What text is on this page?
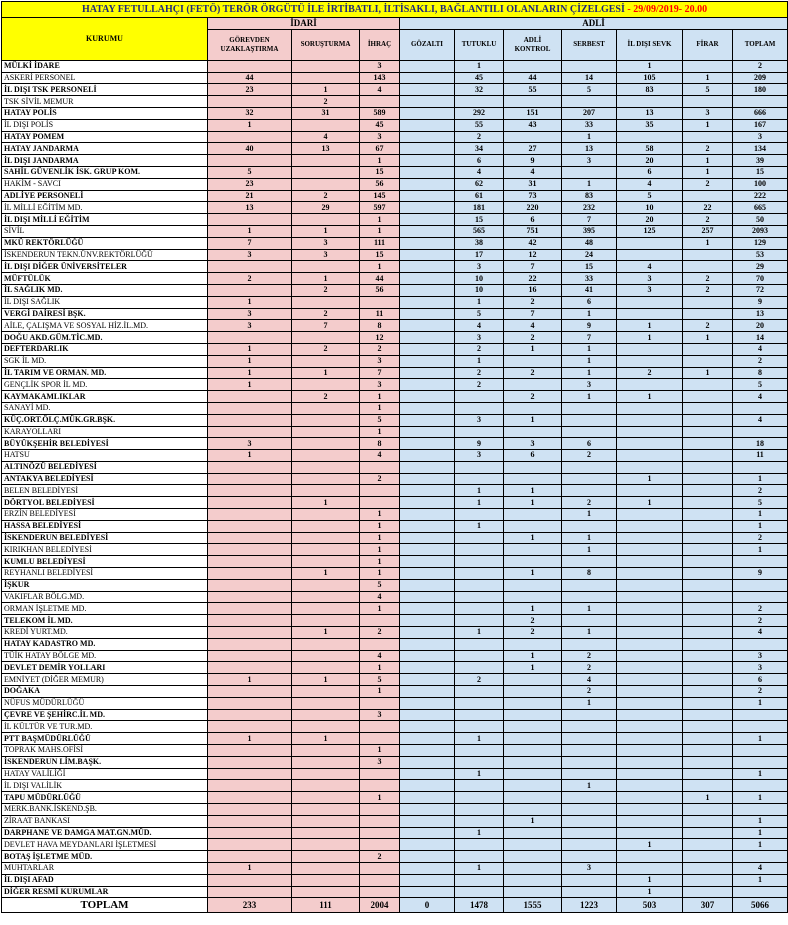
HATAY FETULLAHÇI (FETÖ) TERÖR ÖRGÜTÜ İLE İRTİBATLI, İLTİSAKLI, BAĞLANTILI OLANLARIN ÇİZELGESİ - 29/09/2019- 20.00										
KURUMU	İDARİ			ADLİ						
	GÖREVDEN UZAKLAŞTIRMA	SORUŞTURMA	İHRAÇ	GÖZALTI	TUTUKLU	ADLİ KONTROL	SERBEST	İL DIŞI SEVK	FİRAR	TOPLAM
MÜLKİ İDARE			3		1			1		2
ASKERİ PERSONEL	44		143		45	44	14	105	1	209
İL DIŞI TSK PERSONELİ	23	1	4		32	55	5	83	5	180
TSK SİVİL MEMUR		2								
HATAY POLİS	32	31	589		292	151	207	13	3	666
İL DIŞI POLİS	1		45		55	43	33	35	1	167
HATAY POMEM		4	3		2		1			3
HATAY JANDARMA	40	13	67		34	27	13	58	2	134
İL DIŞI JANDARMA			1		6	9	3	20	1	39
SAHİL GÜVENLİK İSK. GRUP KOM.	5		15		4	4		6	1	15
HAKİM - SAVCI	23		56		62	31	1	4	2	100
ADLİYE PERSONELİ	21	2	145		61	73	83	5		222
İL MİLLİ EĞİTİM MD.	13	29	597		181	220	232	10	22	665
İL DIŞI MİLLİ EĞİTİM			1		15	6	7	20	2	50
SİVİL	1	1	1		565	751	395	125	257	2093
MKÜ REKTÖRLÜĞÜ	7	3	111		38	42	48		1	129
İSKENDERUN TEKN.ÜNV.REKTÖRLÜĞÜ	3	3	15		17	12	24			53
İL DIŞI DİĞER ÜNİVERSİTELER			1		3	7	15	4		29
MÜFTÜLÜK	2	1	44		10	22	33	3	2	70
İL SAĞLIK MD.		2	56		10	16	41	3	2	72
İL DIŞI SAĞLIK	1				1	2	6			9
VERGİ DAİRESİ BŞK.	3	2	11		5	7	1			13
AİLE, ÇALIŞMA VE SOSYAL HİZ.İL.MD.	3	7	8		4	4	9	1	2	20
DOĞU AKD.GÜM.TİC.MD.			12		3	2	7	1	1	14
DEFTERDARLIK	1	2	2		2	1	1			4
SGK İL MD.	1		3		1		1			2
İL TARIM VE ORMAN. MD.	1	1	7		2	2	1	2	1	8
GENÇLİK SPOR İL MD.	1		3		2		3			5
KAYMAKAMLIKLAR		2	1			2	1	1		4
SANAYİ MD.			1							
KÜÇ.ORT.ÖLÇ.MÜK.GR.BŞK.			5		3	1				4
KARAYOLLARI			1							
BÜYÜKŞEHİR BELEDİYESİ	3		8		9	3	6			18
HATSU	1		4		3	6	2			11
ALTINÖZÜ BELEDİYESİ										
ANTAKYA BELEDİYESİ			2					1		1
BELEN BELEDİYESİ					1	1				2
DÖRTYOL BELEDİYESİ		1			1	1	2	1		5
ERZİN BELEDİYESİ			1				1			1
HASSA BELEDİYESİ			1		1					1
İSKENDERUN BELEDİYESİ			1			1	1			2
KIRIKHAN BELEDİYESİ			1				1			1
KUMLU BELEDİYESİ			1							
REYHANLI BELEDİYESİ		1	1			1	8			9
İŞKUR			5							
VAKIFLAR BÖLG.MD.			4							
ORMAN İŞLETME MD.			1			1	1			2
TELEKOM İL MD.						2				2
KREDİ YURT.MD.		1	2		1	2	1			4
HATAY KADASTRO MD.										
TÜİK HATAY BÖLGE MD.			4			1	2			3
DEVLET DEMİR YOLLARI			1			1	2			3
EMNİYET (DİĞER MEMUR)	1	1	5		2		4			6
DOĞAKA			1				2			2
NÜFUS MÜDÜRLÜĞÜ							1			1
ÇEVRE VE ŞEHİRC.İL MD.			3							
İL KÜLTÜR VE TUR.MD.										
PTT BAŞMÜDÜRLÜĞÜ	1	1			1					1
TOPRAK MAHS.OFİSİ			1							
İSKENDERUN LİM.BAŞK.			3							
HATAY VALİLİĞİ					1					1
İL DIŞI VALİLİK							1			
TAPU MÜDÜRLÜĞÜ			1						1	1
MERK.BANK.İSKEND.ŞB.										
ZİRAAT BANKASI						1				1
DARPHANE VE DAMGA MAT.GN.MÜD.					1					1
DEVLET HAVA MEYDANLARI İŞLETMESİ								1		1
BOTAŞ İŞLETME MÜD.			2							
MUHTARLAR	1				1		3			4
İL DIŞI AFAD								1		1
DİĞER RESMİ KURUMLAR								1		
TOPLAM	233	111	2004	0	1478	1555	1223	503	307	5066
